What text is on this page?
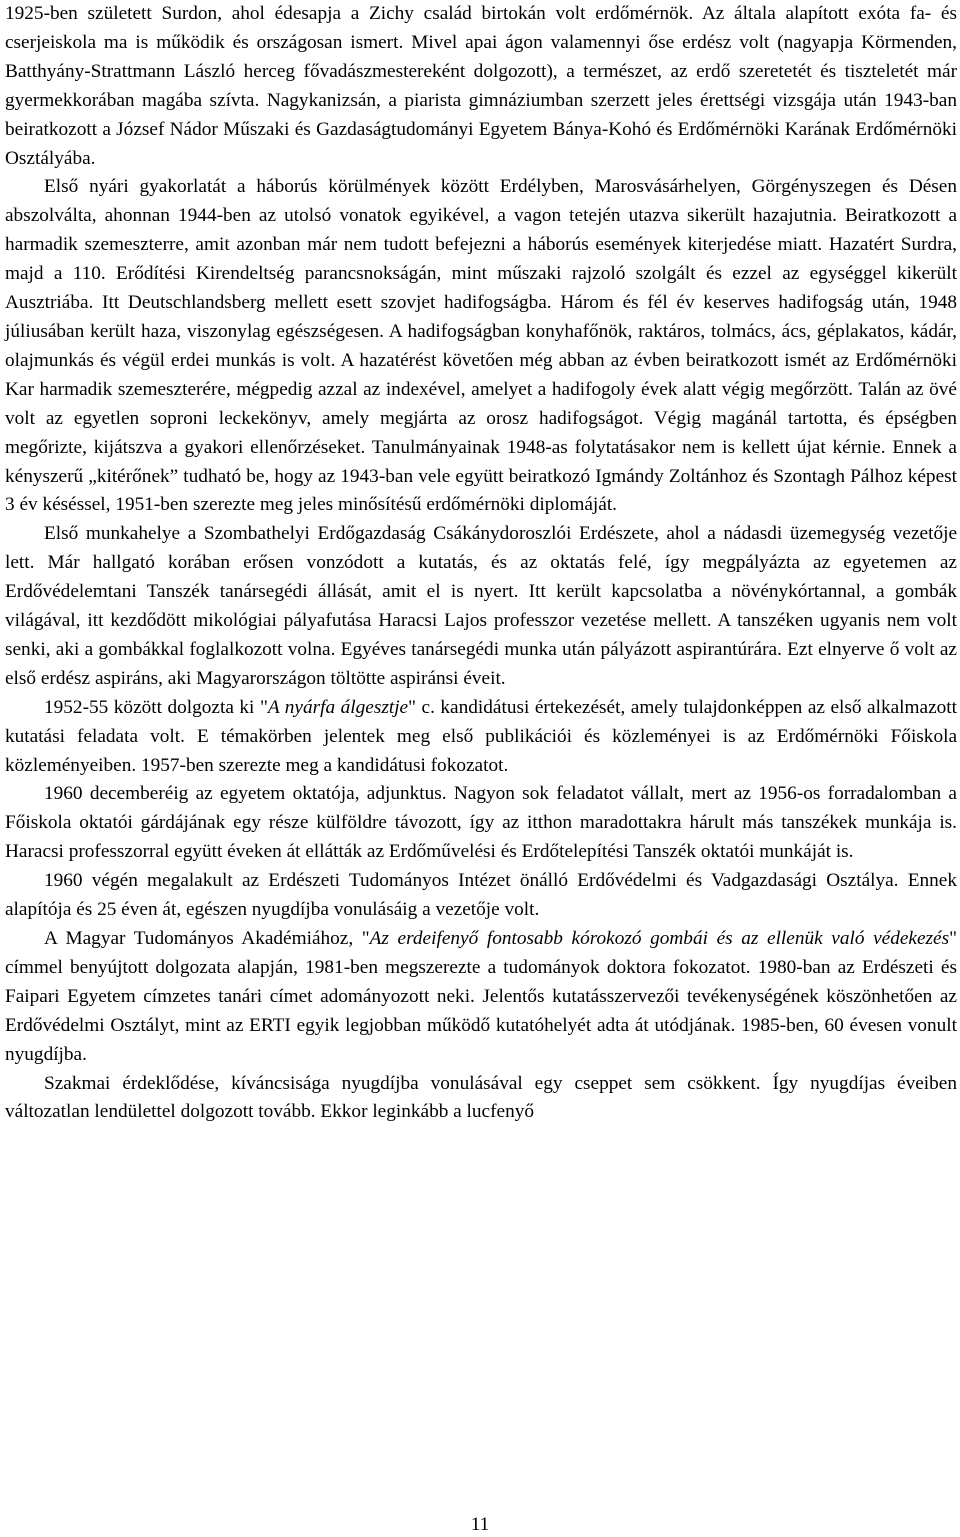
1925-ben született Surdon, ahol édesapja a Zichy család birtokán volt erdőmérnök. Az általa alapított exóta fa- és cserjeiskola ma is működik és országosan ismert. Mivel apai ágon valamennyi őse erdész volt (nagyapja Körmenden, Batthyány-Strattmann László herceg fővadászmestereként dolgozott), a természet, az erdő szeretetét és tiszteletét már gyermekkorában magába szívta. Nagykanizsán, a piarista gimnáziumban szerzett jeles érettségi vizsgája után 1943-ban beiratkozott a József Nádor Műszaki és Gazdaságtudományi Egyetem Bánya-Kohó és Erdőmérnöki Karának Erdőmérnöki Osztályába.

Első nyári gyakorlatát a háborús körülmények között Erdélyben, Marosvásárhelyen, Görgényszegen és Désen abszolválta, ahonnan 1944-ben az utolsó vonatok egyikével, a vagon tetején utazva sikerült hazajutnia. Beiratkozott a harmadik szemeszterre, amit azonban már nem tudott befejezni a háborús események kiterjedése miatt. Hazatért Surdra, majd a 110. Erődítési Kirendeltség parancsnokságán, mint műszaki rajzoló szolgált és ezzel az egységgel kikerült Ausztriába. Itt Deutschlandsberg mellett esett szovjet hadifogságba. Három és fél év keserves hadifogság után, 1948 júliusában került haza, viszonylag egészségesen. A hadifogságban konyhafőnök, raktáros, tolmács, ács, géplakatos, kádár, olajmunkás és végül erdei munkás is volt. A hazatérést követően még abban az évben beiratkozott ismét az Erdőmérnöki Kar harmadik szemeszterére, mégpedig azzal az indexével, amelyet a hadifogoly évek alatt végig megőrzött. Talán az övé volt az egyetlen soproni leckekönyv, amely megjárta az orosz hadifogságot. Végig magánál tartotta, és épségben megőrizte, kijátszva a gyakori ellenőrzéseket. Tanulmányainak 1948-as folytatásakor nem is kellett újat kérnie. Ennek a kényszerű „kitérőnek” tudható be, hogy az 1943-ban vele együtt beiratkozó Igmándy Zoltánhoz és Szontagh Pálhoz képest 3 év késéssel, 1951-ben szerezte meg jeles minősítésű erdőmérnöki diplomáját.

Első munkahelye a Szombathelyi Erdőgazdaság Csákánydoroszlói Erdészete, ahol a nádasdi üzemegység vezetője lett. Már hallgató korában erősen vonzódott a kutatás, és az oktatás felé, így megpályázta az egyetemen az Erdővédelemtani Tanszék tanársegédi állását, amit el is nyert. Itt került kapcsolatba a növénykórtannal, a gombák világával, itt kezdődött mikológiai pályafutása Haracsi Lajos professzor vezetése mellett. A tanszéken ugyanis nem volt senki, aki a gombákkal foglalkozott volna. Egyéves tanársegédi munka után pályázott aspirantúrára. Ezt elnyerve ő volt az első erdész aspiráns, aki Magyarországon töltötte aspiránsi éveit.

1952-55 között dolgozta ki "A nyárfa álgesztje" c. kandidátusi értekezését, amely tulajdonképpen az első alkalmazott kutatási feladata volt. E témakörben jelentek meg első publikációi és közleményei is az Erdőmérnöki Főiskola közleményeiben. 1957-ben szerezte meg a kandidátusi fokozatot.

1960 decemberéig az egyetem oktatója, adjunktus. Nagyon sok feladatot vállalt, mert az 1956-os forradalomban a Főiskola oktatói gárdájának egy része külföldre távozott, így az itthon maradottakra hárult más tanszékek munkája is. Haracsi professzorral együtt éveken át ellátták az Erdőművelési és Erdőtelepítési Tanszék oktatói munkáját is.

1960 végén megalakult az Erdészeti Tudományos Intézet önálló Erdővédelmi és Vadgazdasági Osztálya. Ennek alapítója és 25 éven át, egészen nyugdíjba vonulásáig a vezetője volt.

A Magyar Tudományos Akadémiához, "Az erdeifenyő fontosabb kórokozó gombái és az ellenük való védekezés" címmel benyújtott dolgozata alapján, 1981-ben megszerezte a tudományok doktora fokozatot. 1980-ban az Erdészeti és Faipari Egyetem címzetes tanári címet adományozott neki. Jelentős kutatásszervezői tevékenységének köszönhetően az Erdővédelmi Osztályt, mint az ERTI egyik legjobban működő kutatóhelyét adta át utódjának. 1985-ben, 60 évesen vonult nyugdíjba.

Szakmai érdeklődése, kíváncsisága nyugdíjba vonulásával egy cseppet sem csökkent. Így nyugdíjas éveiben változatlan lendülettel dolgozott tovább. Ekkor leginkább a lucfenyő

11
